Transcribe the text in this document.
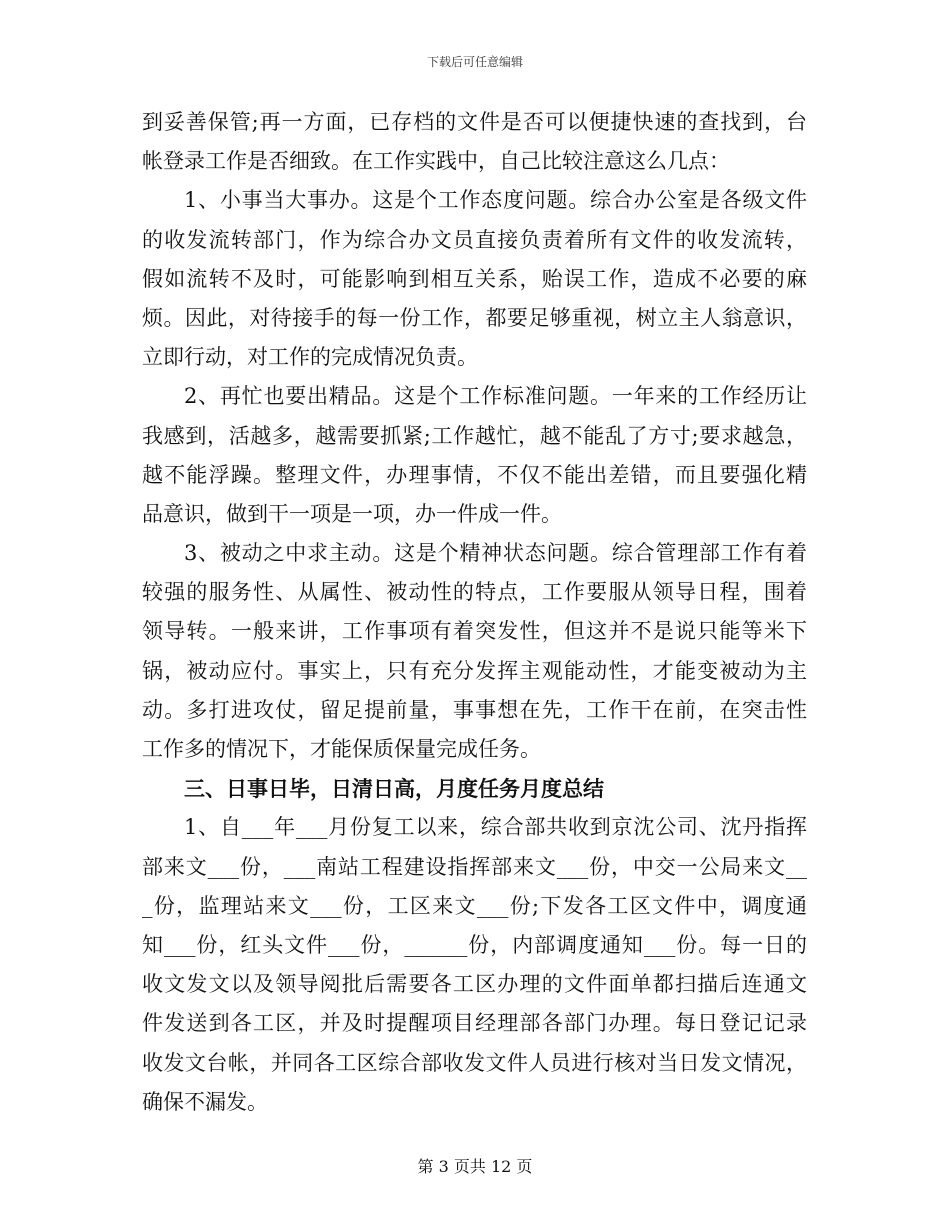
下载后可任意编辑
到妥善保管;再一方面，已存档的文件是否可以便捷快速的查找到，台
帐登录工作是否细致。在工作实践中，自己比较注意这么几点：
1、小事当大事办。这是个工作态度问题。综合办公室是各级文件
的收发流转部门，作为综合办文员直接负责着所有文件的收发流转，
假如流转不及时，可能影响到相互关系，贻误工作，造成不必要的麻
烦。因此，对待接手的每一份工作，都要足够重视，树立主人翁意识，
立即行动，对工作的完成情况负责。
2、再忙也要出精品。这是个工作标准问题。一年来的工作经历让
我感到，活越多，越需要抓紧;工作越忙，越不能乱了方寸;要求越急，
越不能浮躁。整理文件，办理事情，不仅不能出差错，而且要强化精
品意识，做到干一项是一项，办一件成一件。
3、被动之中求主动。这是个精神状态问题。综合管理部工作有着
较强的服务性、从属性、被动性的特点，工作要服从领导日程，围着
领导转。一般来讲，工作事项有着突发性，但这并不是说只能等米下
锅，被动应付。事实上，只有充分发挥主观能动性，才能变被动为主
动。多打进攻仗，留足提前量，事事想在先，工作干在前，在突击性
工作多的情况下，才能保质保量完成任务。
三、日事日毕，日清日高，月度任务月度总结
1、自___年___月份复工以来，综合部共收到京沈公司、沈丹指挥
部来文___份，___南站工程建设指挥部来文___份，中交一公局来文__
_份，监理站来文___份，工区来文___份;下发各工区文件中，调度通
知___份，红头文件___份，______份，内部调度通知___份。每一日的
收文发文以及领导阅批后需要各工区办理的文件面单都扫描后连通文
件发送到各工区，并及时提醒项目经理部各部门办理。每日登记记录
收发文台帐，并同各工区综合部收发文件人员进行核对当日发文情况，
确保不漏发。
第 3 页共 12 页
